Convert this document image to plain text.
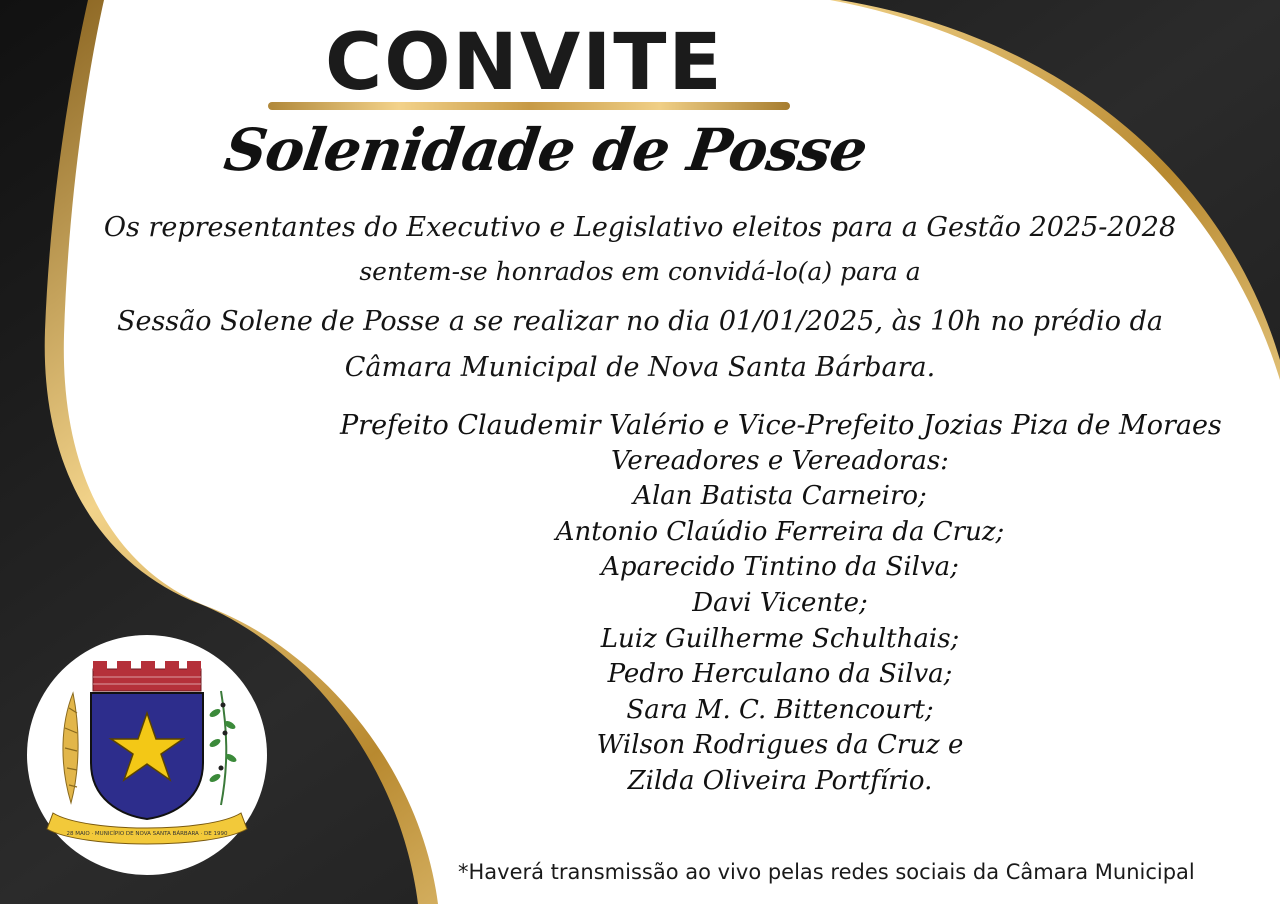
CONVITE
Solenidade de Posse

Os representantes do Executivo e Legislativo eleitos para a Gestão 2025-2028

sentem-se honrados em convidá-lo(a) para a

Sessão Solene de Posse a se realizar no dia 01/01/2025, às 10h no prédio da

Câmara Municipal de Nova Santa Bárbara.

Prefeito Claudemir Valério e Vice-Prefeito Jozias Piza de Moraes
Vereadores e Vereadoras:
Alan Batista Carneiro;
Antonio Claúdio Ferreira da Cruz;
Aparecido Tintino da Silva;
Davi Vicente;
Luiz Guilherme Schulthais;
Pedro Herculano da Silva;
Sara M. C. Bittencourt;
Wilson Rodrigues da Cruz e
Zilda Oliveira Portfírio.

*Haverá transmissão ao vivo pelas redes sociais da Câmara Municipal

28 MAIO · MUNICÍPIO DE NOVA SANTA BÁRBARA · DE 1990
